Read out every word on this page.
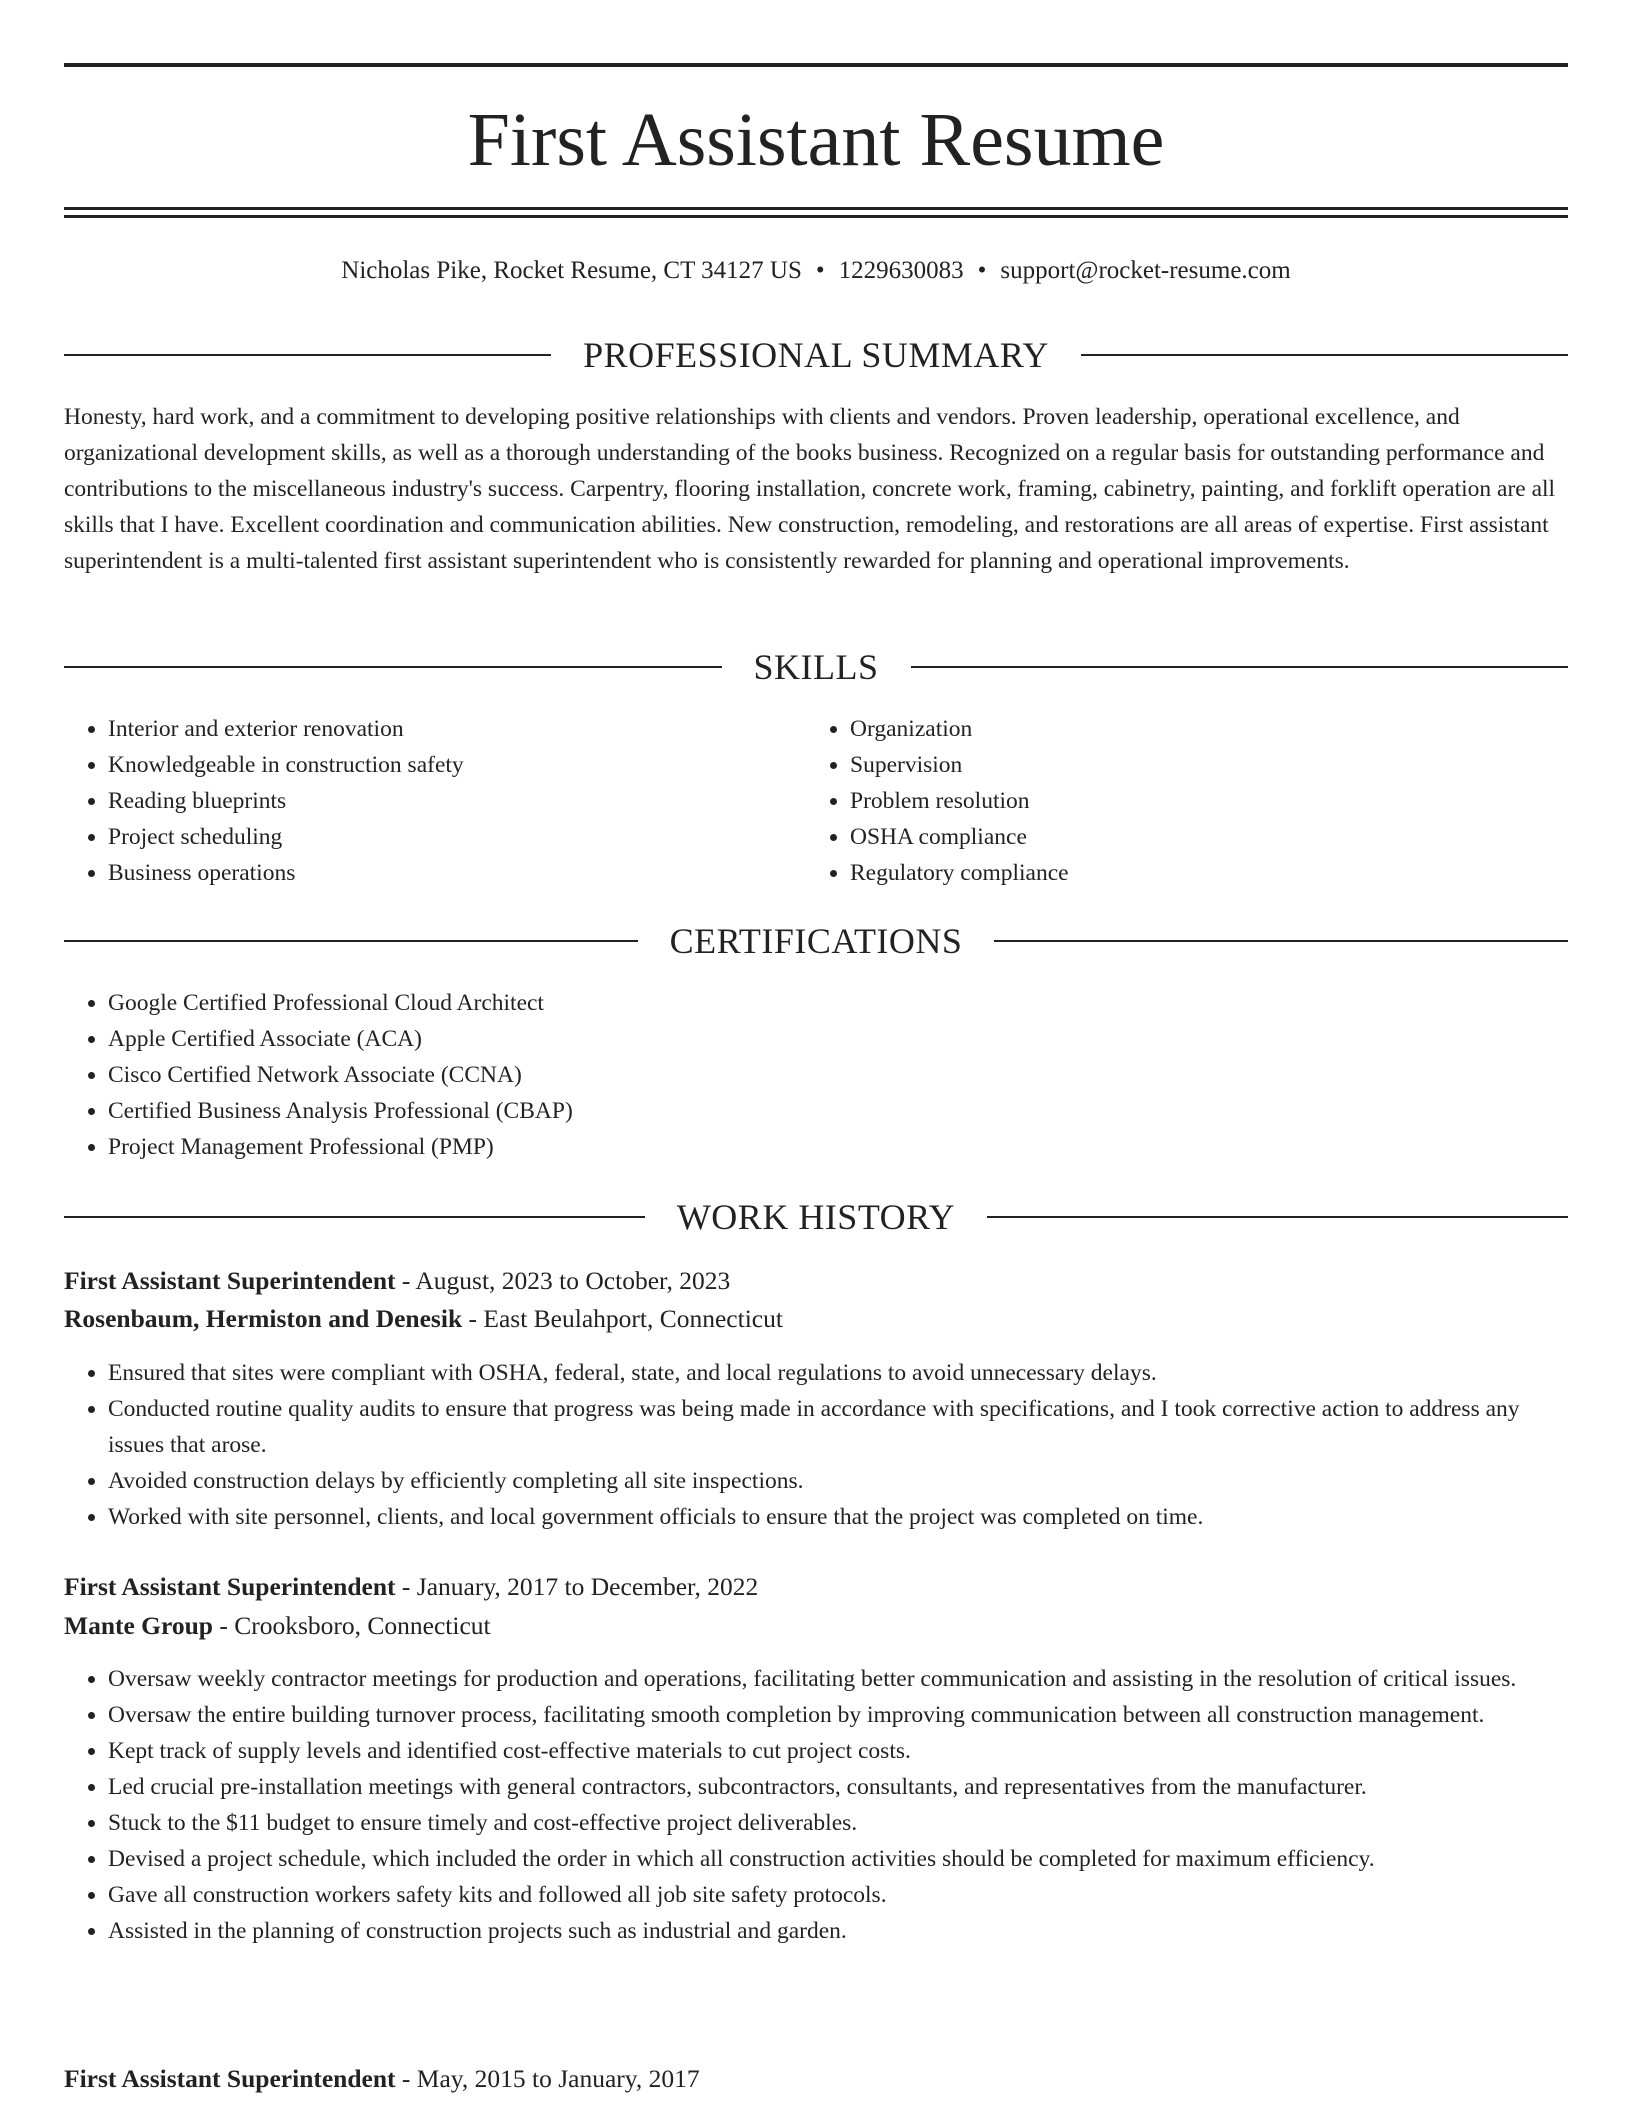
First Assistant Resume
Nicholas Pike, Rocket Resume, CT 34127 US • 1229630083 • support@rocket-resume.com
PROFESSIONAL SUMMARY

Honesty, hard work, and a commitment to developing positive relationships with clients and vendors. Proven leadership, operational excellence, and organizational development skills, as well as a thorough understanding of the books business. Recognized on a regular basis for outstanding performance and contributions to the miscellaneous industry's success. Carpentry, flooring installation, concrete work, framing, cabinetry, painting, and forklift operation are all skills that I have. Excellent coordination and communication abilities. New construction, remodeling, and restorations are all areas of expertise. First assistant superintendent is a multi-talented first assistant superintendent who is consistently rewarded for planning and operational improvements.

SKILLS
• Interior and exterior renovation
• Knowledgeable in construction safety
• Reading blueprints
• Project scheduling
• Business operations
• Organization
• Supervision
• Problem resolution
• OSHA compliance
• Regulatory compliance
CERTIFICATIONS
• Google Certified Professional Cloud Architect
• Apple Certified Associate (ACA)
• Cisco Certified Network Associate (CCNA)
• Certified Business Analysis Professional (CBAP)
• Project Management Professional (PMP)
WORK HISTORY
First Assistant Superintendent - August, 2023 to October, 2023
Rosenbaum, Hermiston and Denesik - East Beulahport, Connecticut
• Ensured that sites were compliant with OSHA, federal, state, and local regulations to avoid unnecessary delays.
• Conducted routine quality audits to ensure that progress was being made in accordance with specifications, and I took corrective action to address any issues that arose.
• Avoided construction delays by efficiently completing all site inspections.
• Worked with site personnel, clients, and local government officials to ensure that the project was completed on time.
First Assistant Superintendent - January, 2017 to December, 2022
Mante Group - Crooksboro, Connecticut
• Oversaw weekly contractor meetings for production and operations, facilitating better communication and assisting in the resolution of critical issues.
• Oversaw the entire building turnover process, facilitating smooth completion by improving communication between all construction management.
• Kept track of supply levels and identified cost-effective materials to cut project costs.
• Led crucial pre-installation meetings with general contractors, subcontractors, consultants, and representatives from the manufacturer.
• Stuck to the $11 budget to ensure timely and cost-effective project deliverables.
• Devised a project schedule, which included the order in which all construction activities should be completed for maximum efficiency.
• Gave all construction workers safety kits and followed all job site safety protocols.
• Assisted in the planning of construction projects such as industrial and garden.
First Assistant Superintendent - May, 2015 to January, 2017
